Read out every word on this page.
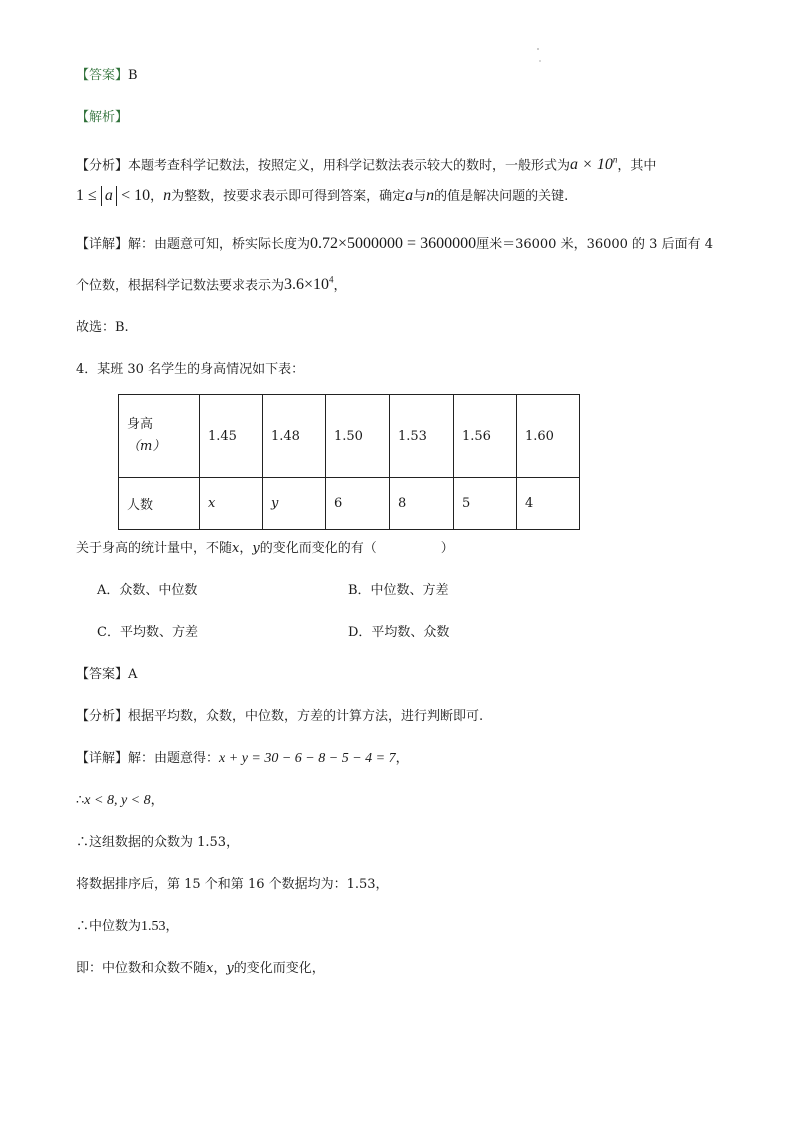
【答案】B
【解析】
【分析】本题考查科学记数法，按照定义，用科学记数法表示较大的数时，一般形式为$a \times 10^n$，其中
1 ≤ a < 10，n为整数，按要求表示即可得到答案，确定a与n的值是解决问题的关键.
【详解】解：由题意可知，桥实际长度为0.72×5000000 = 3600000厘米＝36000 米，36000 的 3 后面有 4
个位数，根据科学记数法要求表示为$3.6\times 10^4$，
故选：B.
4．某班 30 名学生的身高情况如下表：
身高
（m）	1.45	1.48	1.50	1.53	1.56	1.60
人数	x	y	6	8	5	4
关于身高的统计量中，不随x，y的变化而变化的有（	）
A．众数、中位数	B．中位数、方差
C．平均数、方差	D．平均数、众数
【答案】A
【分析】根据平均数，众数，中位数，方差的计算方法，进行判断即可.
【详解】解：由题意得：x + y = 30 − 6 − 8 − 5 − 4 = 7，
∴x < 8, y < 8，
∴这组数据的众数为 1.53，
将数据排序后，第 15 个和第 16 个数据均为：1.53，
∴中位数为1.53，
即：中位数和众数不随x，y的变化而变化，
